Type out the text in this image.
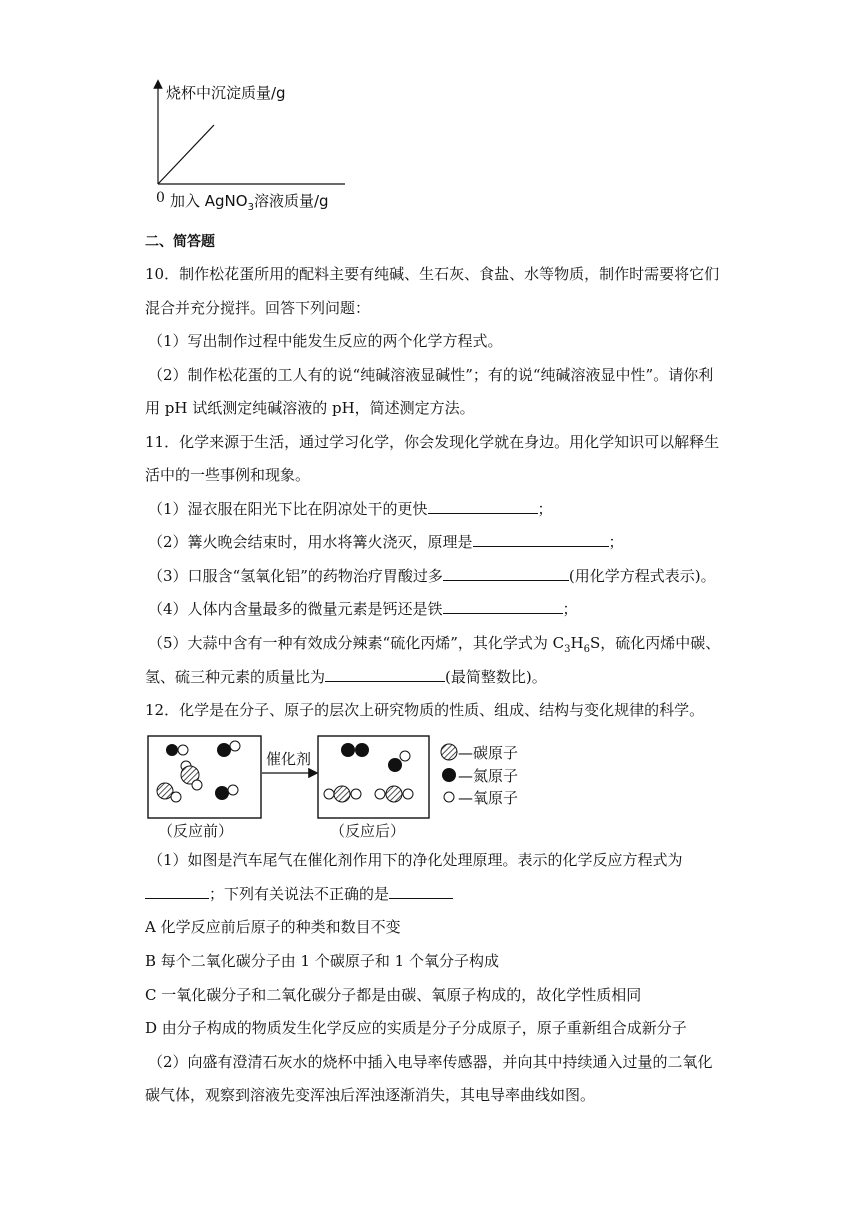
烧杯中沉淀质量/g
0 加入 AgNO$_3$溶液质量/g
二、简答题
10．制作松花蛋所用的配料主要有纯碱、生石灰、食盐、水等物质，制作时需要将它们
混合并充分搅拌。回答下列问题：
（1）写出制作过程中能发生反应的两个化学方程式。
（2）制作松花蛋的工人有的说“纯碱溶液显碱性”；有的说“纯碱溶液显中性”。请你利
用 pH 试纸测定纯碱溶液的 pH，简述测定方法。
11．化学来源于生活，通过学习化学，你会发现化学就在身边。用化学知识可以解释生
活中的一些事例和现象。
（1）湿衣服在阳光下比在阴凉处干的更快	；
（2）篝火晚会结束时，用水将篝火浇灭，原理是	；
（3）口服含“氢氧化铝”的药物治疗胃酸过多	(用化学方程式表示)。
（4）人体内含量最多的微量元素是钙还是铁	；
（5）大蒜中含有一种有效成分辣素“硫化丙烯”，其化学式为 $C_3H_6S$，硫化丙烯中碳、
氢、硫三种元素的质量比为	(最简整数比)。
12．化学是在分子、原子的层次上研究物质的性质、组成、结构与变化规律的科学。
催化剂	—碳原子
—氮原子
—氧原子
（反应前）	（反应后）
（1）如图是汽车尾气在催化剂作用下的净化处理原理。表示的化学反应方程式为
；下列有关说法不正确的是
A 化学反应前后原子的种类和数目不变
B 每个二氧化碳分子由 1 个碳原子和 1 个氧分子构成
C 一氧化碳分子和二氧化碳分子都是由碳、氧原子构成的，故化学性质相同
D 由分子构成的物质发生化学反应的实质是分子分成原子，原子重新组合成新分子
（2）向盛有澄清石灰水的烧杯中插入电导率传感器，并向其中持续通入过量的二氧化
碳气体，观察到溶液先变浑浊后浑浊逐渐消失，其电导率曲线如图。
